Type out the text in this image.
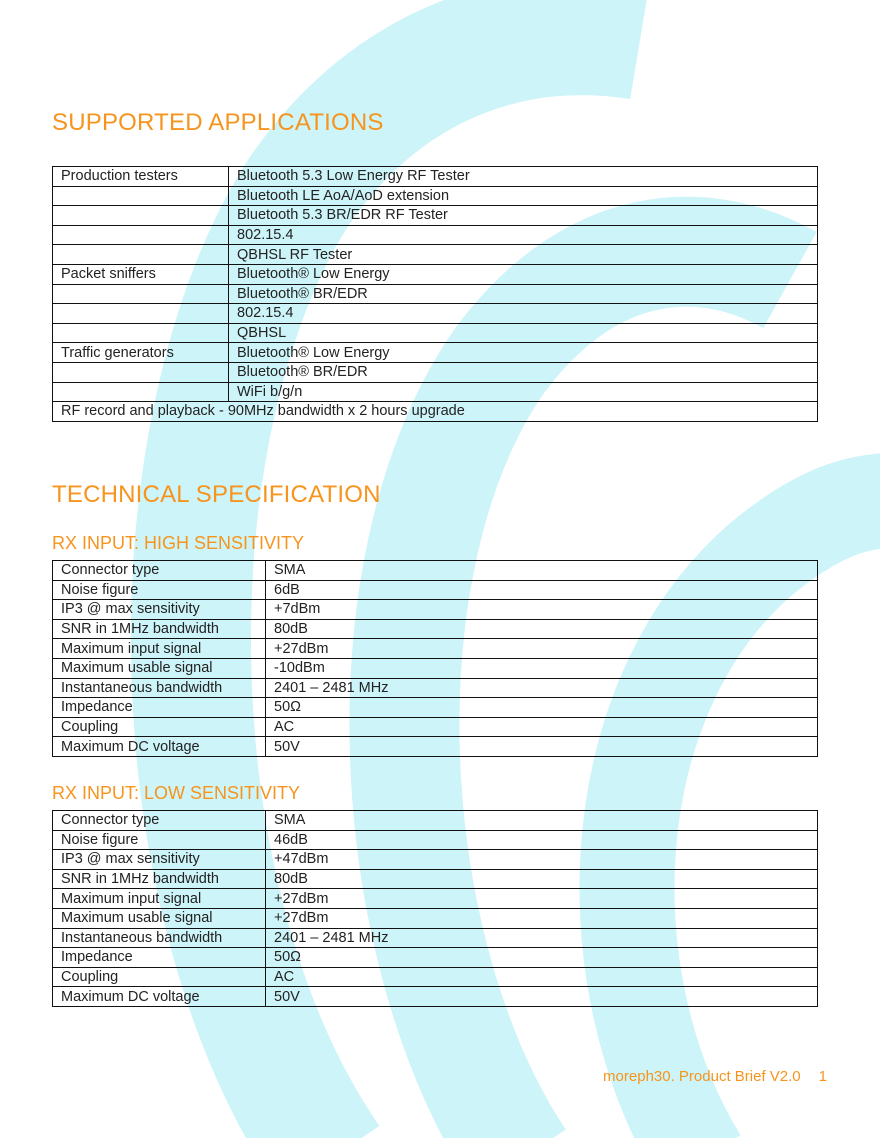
SUPPORTED APPLICATIONS
Production testers	Bluetooth 5.3 Low Energy RF Tester
	Bluetooth LE AoA/AoD extension
	Bluetooth 5.3 BR/EDR RF Tester
	802.15.4
	QBHSL RF Tester
Packet sniffers	Bluetooth® Low Energy
	Bluetooth® BR/EDR
	802.15.4
	QBHSL
Traffic generators	Bluetooth® Low Energy
	Bluetooth® BR/EDR
	WiFi b/g/n
RF record and playback - 90MHz bandwidth x 2 hours upgrade	
TECHNICAL SPECIFICATION
RX INPUT: HIGH SENSITIVITY
Connector type	SMA
Noise figure	6dB
IP3 @ max sensitivity	+7dBm
SNR in 1MHz bandwidth	80dB
Maximum input signal	+27dBm
Maximum usable signal	-10dBm
Instantaneous bandwidth	2401 – 2481 MHz
Impedance	50Ω
Coupling	AC
Maximum DC voltage	50V
RX INPUT: LOW SENSITIVITY
Connector type	SMA
Noise figure	46dB
IP3 @ max sensitivity	+47dBm
SNR in 1MHz bandwidth	80dB
Maximum input signal	+27dBm
Maximum usable signal	+27dBm
Instantaneous bandwidth	2401 – 2481 MHz
Impedance	50Ω
Coupling	AC
Maximum DC voltage	50V
moreph30. Product Brief V2.0 1
